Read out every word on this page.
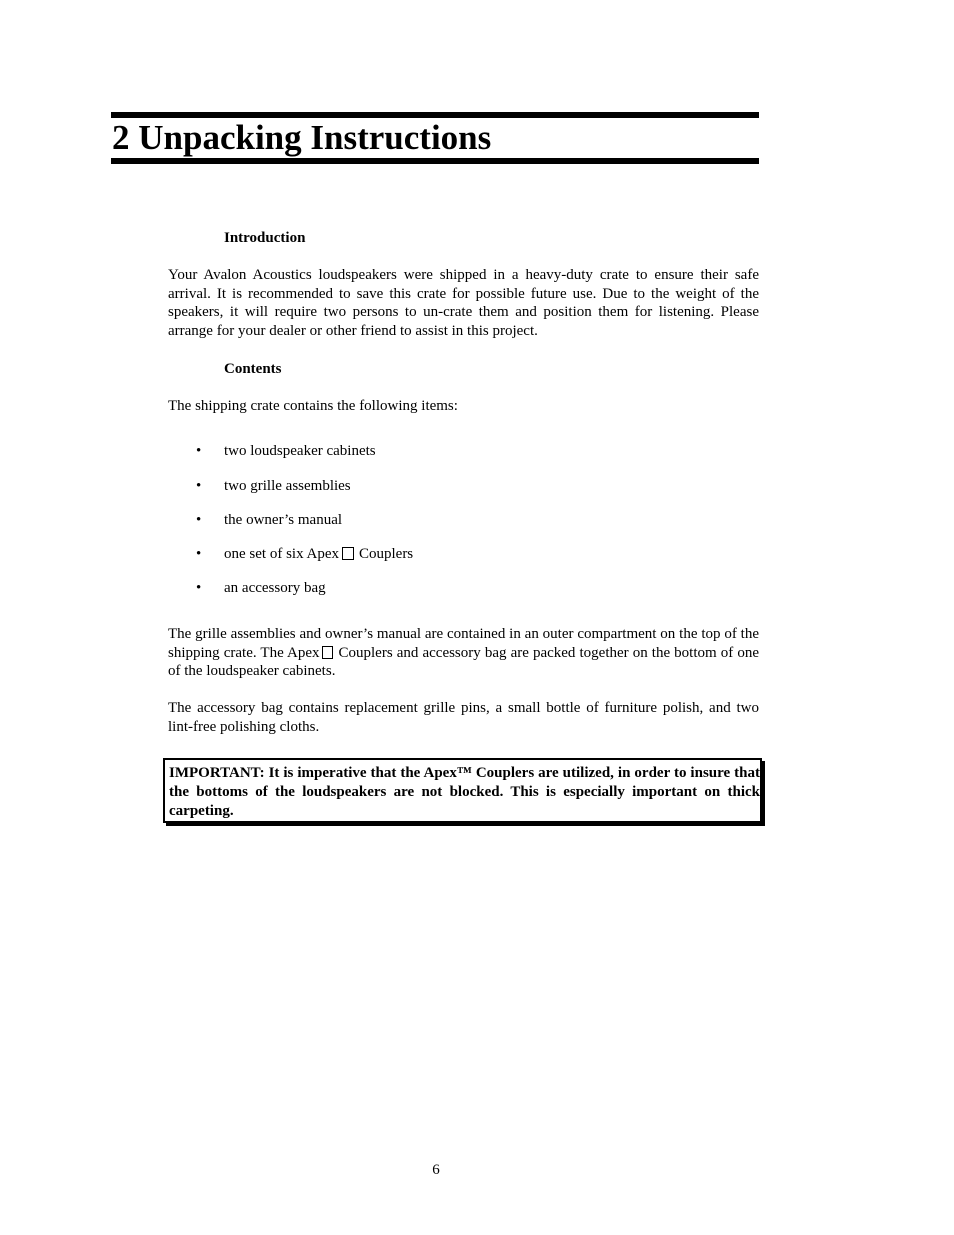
2 Unpacking Instructions
Introduction

Your Avalon Acoustics loudspeakers were shipped in a heavy-duty crate to ensure their safe arrival. It is recommended to save this crate for possible future use. Due to the weight of the speakers, it will require two persons to un-crate them and position them for listening. Please arrange for your dealer or other friend to assist in this project.

Contents

The shipping crate contains the following items:

• two loudspeaker cabinets
• two grille assemblies
• the owner’s manual
• one set of six Apex Couplers
• an accessory bag

The grille assemblies and owner’s manual are contained in an outer compartment on the top of the shipping crate. The Apex Couplers and accessory bag are packed together on the bottom of one of the loudspeaker cabinets.

The accessory bag contains replacement grille pins, a small bottle of furniture polish, and two lint-free polishing cloths.

IMPORTANT: It is imperative that the Apex™ Couplers are utilized, in order to insure that the bottoms of the loudspeakers are not blocked. This is especially important on thick carpeting.

6
